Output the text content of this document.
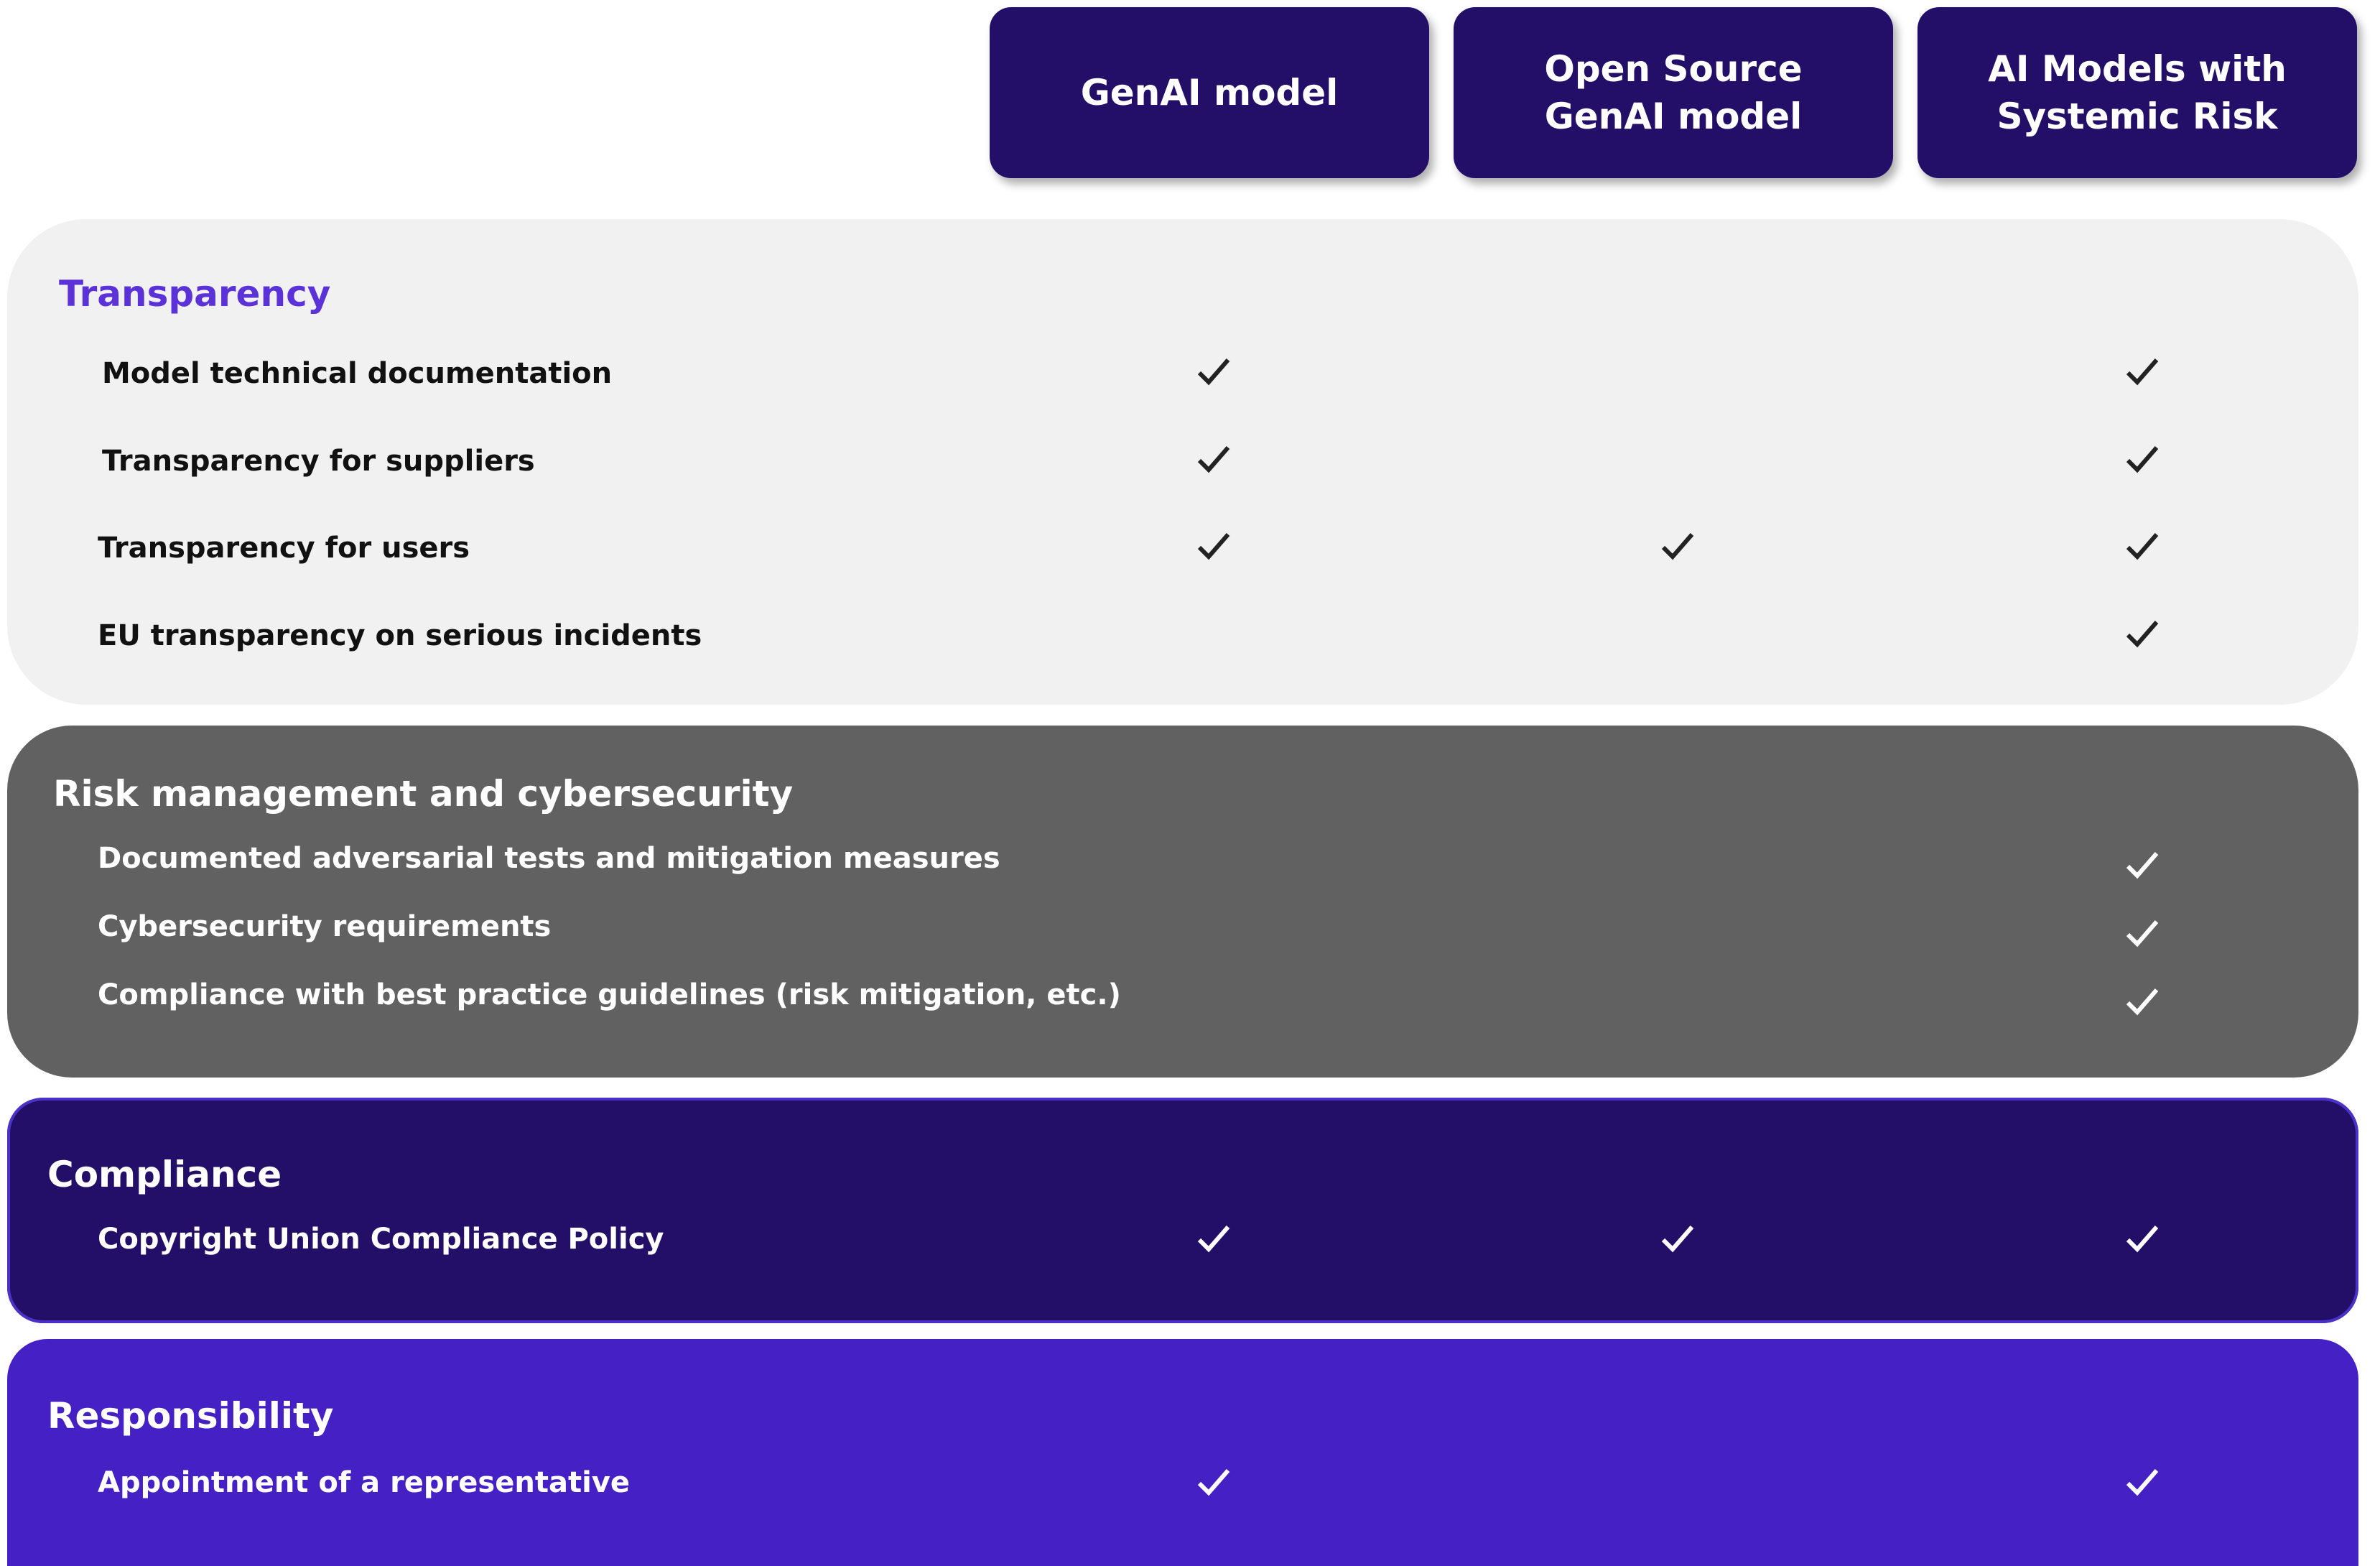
GenAI model
Open Source
GenAI model
AI Models with
Systemic Risk
Transparency
Model technical documentation
Transparency for suppliers
Transparency for users
EU transparency on serious incidents
Risk management and cybersecurity
Documented adversarial tests and mitigation measures
Cybersecurity requirements
Compliance with best practice guidelines (risk mitigation, etc.)
Compliance
Copyright Union Compliance Policy
Responsibility
Appointment of a representative
